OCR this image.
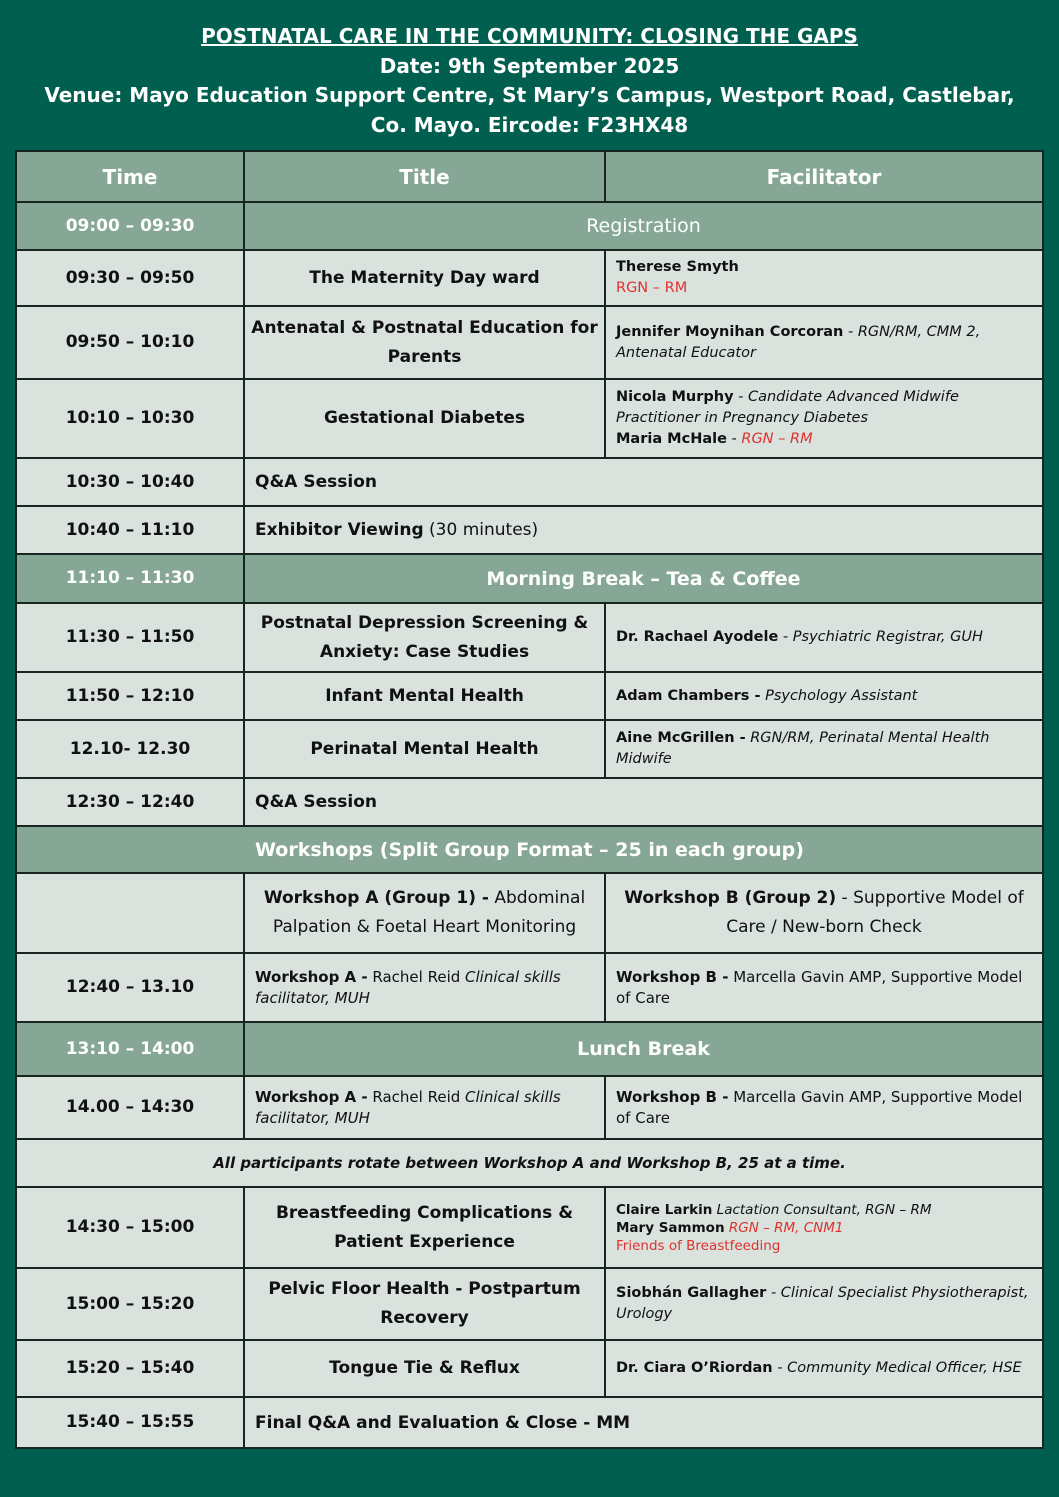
POSTNATAL CARE IN THE COMMUNITY: CLOSING THE GAPS
Date: 9th September 2025
Venue: Mayo Education Support Centre, St Mary’s Campus, Westport Road, Castlebar,
Co. Mayo. Eircode: F23HX48
Time	Title	Facilitator
09:00 – 09:30	Registration	
09:30 – 09:50	The Maternity Day ward	Therese Smyth
RGN – RM
09:50 – 10:10	Antenatal & Postnatal Education for Parents	Jennifer Moynihan Corcoran - RGN/RM, CMM 2, Antenatal Educator
10:10 – 10:30	Gestational Diabetes	Nicola Murphy - Candidate Advanced Midwife Practitioner in Pregnancy Diabetes
Maria McHale - RGN – RM
10:30 – 10:40	Q&A Session	
10:40 – 11:10	Exhibitor Viewing (30 minutes)	
11:10 – 11:30	Morning Break – Tea & Coffee	
11:30 – 11:50	Postnatal Depression Screening & Anxiety: Case Studies	Dr. Rachael Ayodele - Psychiatric Registrar, GUH
11:50 – 12:10	Infant Mental Health	Adam Chambers - Psychology Assistant
12.10- 12.30	Perinatal Mental Health	Aine McGrillen - RGN/RM, Perinatal Mental Health Midwife
12:30 – 12:40	Q&A Session	
Workshops (Split Group Format – 25 in each group)		
	Workshop A (Group 1) - Abdominal Palpation & Foetal Heart Monitoring	Workshop B (Group 2) - Supportive Model of Care / New-born Check
12:40 – 13.10	Workshop A - Rachel Reid Clinical skills facilitator, MUH	Workshop B - Marcella Gavin AMP, Supportive Model of Care
13:10 – 14:00	Lunch Break	
14.00 – 14:30	Workshop A - Rachel Reid Clinical skills facilitator, MUH	Workshop B - Marcella Gavin AMP, Supportive Model of Care
All participants rotate between Workshop A and Workshop B, 25 at a time.		
14:30 – 15:00	Breastfeeding Complications & Patient Experience	Claire Larkin Lactation Consultant, RGN – RM
Mary Sammon RGN – RM, CNM1
Friends of Breastfeeding
15:00 – 15:20	Pelvic Floor Health - Postpartum Recovery	Siobhán Gallagher - Clinical Specialist Physiotherapist, Urology
15:20 – 15:40	Tongue Tie & Reflux	Dr. Ciara O’Riordan - Community Medical Officer, HSE
15:40 – 15:55	Final Q&A and Evaluation & Close - MM	
